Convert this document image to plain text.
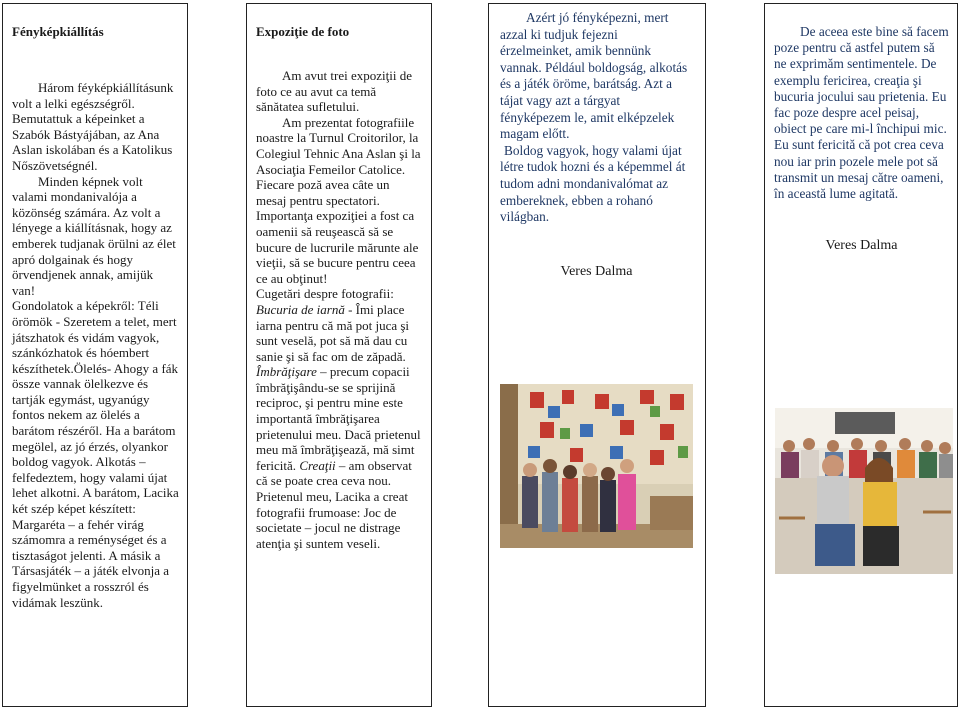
Fényképkiállítás

Három féyképkiállításunk volt a lelki egészségről.

Bemutattuk a képeinket a Szabók Bástyájában, az Ana Aslan iskolában és a Katolikus Nőszövetségnél.

Minden képnek volt valami mondanivalója a közönség számára. Az volt a lényege a kiállításnak, hogy az emberek tudjanak örülni az élet apró dolgainak és hogy örvendjenek annak, amijük van!

Gondolatok a képekről: Téli örömök - Szeretem a telet, mert játszhatok és vidám vagyok, szánkózhatok és hóembert készíthetek.Ölelés- Ahogy a fák össze vannak ölelkezve és tartják egymást, ugyanúgy fontos nekem az ölelés a barátom részéről. Ha a barátom megölel, az jó érzés, olyankor boldog vagyok. Alkotás – felfedeztem, hogy valami újat lehet alkotni. A barátom, Lacika két szép képet készített: Margaréta – a fehér virág számomra a reménységet és a tisztaságot jelenti. A másik a Társasjáték – a játék elvonja a figyelmünket a rosszról és vidámak leszünk.

Expoziţie de foto

Am avut trei expoziţii de foto ce au avut ca temă sănătatea sufletului.

Am prezentat fotografiile noastre la Turnul Croitorilor, la Colegiul Tehnic Ana Aslan şi la Asociaţia Femeilor Catolice. Fiecare poză avea câte un mesaj pentru spectatori. Importanţa expoziţiei a fost ca oamenii să reuşească să se bucure de lucrurile mărunte ale vieţii, să se bucure pentru ceea ce au obţinut!

Cugetări despre fotografii: Bucuria de iarnă - Îmi place iarna pentru că mă pot juca şi sunt veselă, pot să mă dau cu sanie şi să fac om de zăpadă. Îmbrăţişare – precum copacii îmbrăţişându-se se sprijină reciproc, şi pentru mine este importantă îmbrăţişarea prietenului meu. Dacă prietenul meu mă îmbrăţişează, mă simt fericită. Creaţii – am observat că se poate crea ceva nou. Prietenul meu, Lacika a creat fotografii frumoase: Joc de societate – jocul ne distrage atenţia şi suntem veseli.

Azért jó fényképezni, mert azzal ki tudjuk fejezni érzelmeinket, amik bennünk vannak. Például boldogság, alkotás és a játék öröme, barátság. Azt a tájat vagy azt a tárgyat fényképezem le, amit elképzelek magam előtt.

Boldog vagyok, hogy valami újat létre tudok hozni és a képemmel át tudom adni mondanivalómat az embereknek, ebben a rohanó világban.

Veres Dalma

De aceea este bine să facem poze pentru că astfel putem să ne exprimăm sentimentele. De exemplu fericirea, creaţia şi bucuria jocului sau prietenia. Eu fac poze despre acel peisaj, obiect pe care mi-l închipui mic. Eu sunt fericită că pot crea ceva nou iar prin pozele mele pot să transmit un mesaj către oameni, în această lume agitată.

Veres Dalma
